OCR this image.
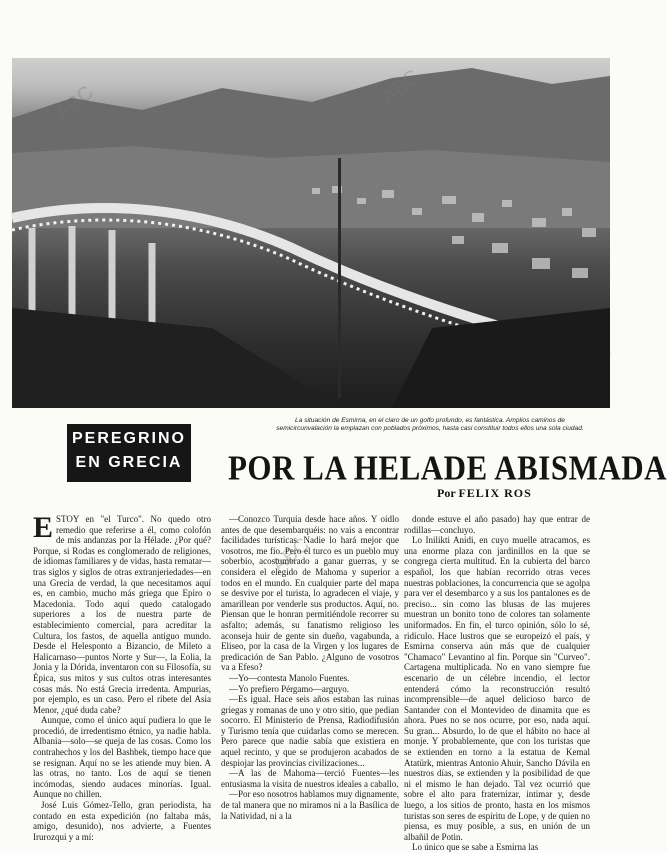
ABC	ABC
ABC
La situación de Esmirna, en el claro de un golfo profundo, es fantástica. Amplios caminos de semicircunvalación la emplazan con poblados próximos, hasta casi constituir todos ellos una sola ciudad.
PEREGRINO
EN GRECIA POR LA HELADE ABISMADA
Por FELIX ROS

ESTOY en "el Turco". No quedo otro remedio que referirse a él, como colofón de mis andanzas por la Hélade. ¿Por qué? Porque, si Rodas es conglomerado de religiones, de idiomas familiares y de vidas, hasta rematar—tras siglos y siglos de otras extranjeriedades—en una Grecia de verdad, la que necesitamos aquí es, en cambio, mucho más griega que Epiro o Macedonia. Todo aquí quedo catalogado superiores a los de nuestra parte de establecimiento comercial, para acreditar la Cultura, los fastos, de aquella antiguo mundo. Desde el Helesponto a Bizancio, de Mileto a Halicarnaso—puntos Norte y Sur—, la Eolia, la Jonia y la Dórida, inventaron con su Filosofía, su Épica, sus mitos y sus cultos otras interesantes cosas más. No está Grecia irredenta. Ampurias, por ejemplo, es un caso. Pero el ribete del Asia Menor, ¿qué duda cabe?

Aunque, como el único aquí pudiera lo que le procedió, de irredentismo étnico, ya nadie habla. Albania—solo—se queja de las cosas. Como los contrahechos y los del Bashbek, tiempo hace que se resignan. Aquí no se les atiende muy bien. A las otras, no tanto. Los de aquí se tienen incómodas, siendo audaces minorías. Igual. Aunque no chillen.

José Luis Gómez-Tello, gran periodista, ha contado en esta expedición (no faltaba más, amigo, desunido), nos advierte, a Fuentes Irurozqui y a mí:

—Conozco Turquía desde hace años. Y oídlo antes de que desembarquéis: no vais a encontrar facilidades turísticas. Nadie lo hará mejor que vosotros, me fío. Pero el turco es un pueblo muy soberbio, acostumbrado a ganar guerras, y se considera el elegido de Mahoma y superior a todos en el mundo. En cualquier parte del mapa se desvive por el turista, lo agradecen el viaje, y amarillean por venderle sus productos. Aquí, no. Piensan que le honran permitiéndole recorrer su asfalto; además, su fanatismo religioso les aconseja huir de gente sin dueño, vagabunda, a Eliseo, por la casa de la Virgen y los lugares de predicación de San Pablo. ¿Alguno de vosotros va a Efeso?

—Yo—contesta Manolo Fuentes.

—Yo prefiero Pérgamo—arguyo.

—Es igual. Hace seis años estaban las ruinas griegas y romanas de uno y otro sitio, que pedían socorro. El Ministerio de Prensa, Radiodifusión y Turismo tenía que cuidarlas como se merecen. Pero parece que nadie sabía que existiera en aquel recinto, y que se produjeron acabados de despiojar las provincias civilizaciones...

—A las de Mahoma—terció Fuentes—les entusiasma la visita de nuestros ideales a caballo.

—Por eso nosotros hablamos muy dignamente, de tal manera que no miramos ni a la Basílica de la Natividad, ni a la

donde estuve el año pasado) hay que entrar de rodillas—concluyo.

Lo Inilikti Anidi, en cuyo muelle atracamos, es una enorme plaza con jardinillos en la que se congrega cierta multitud. En la cubierta del barco español, los que habían recorrido otras veces nuestras poblaciones, la concurrencia que se agolpa para ver el desembarco y a sus los pantalones es de preciso... sin como las blusas de las mujeres muestran un bonito tono de colores tan solamente uniformados. En fin, el turco opinión, sólo lo sé, ridículo. Hace lustros que se europeizó el país, y Esmirna conserva aún más que de cualquier "Chamaco" Levantino al fin. Porque sin "Curveo". Cartagena multiplicada. No en vano siempre fue escenario de un célebre incendio, el lector entenderá cómo la reconstrucción resultó incomprensible—de aquel delicioso barco de Santander con el Montevideo de dinamita que es ahora. Pues no se nos ocurre, por eso, nada aquí. Su gran... Absurdo, lo de que el hábito no hace al monje. Y probablemente, que con los turistas que se extienden en torno a la estatua de Kemal Atatürk, mientras Antonio Ahuir, Sancho Dávila en nuestros días, se extienden y la posibilidad de que ni el mismo le han dejado. Tal vez ocurrió que sobre el alto para fraternizar, intimar y, desde luego, a los sitios de pronto, hasta en los mismos turistas son seres de espíritu de Lope, y de quien no piensa, es muy posible, a sus, en unión de un albañil de Potin.

Lo único que se sabe a Esmirna las
